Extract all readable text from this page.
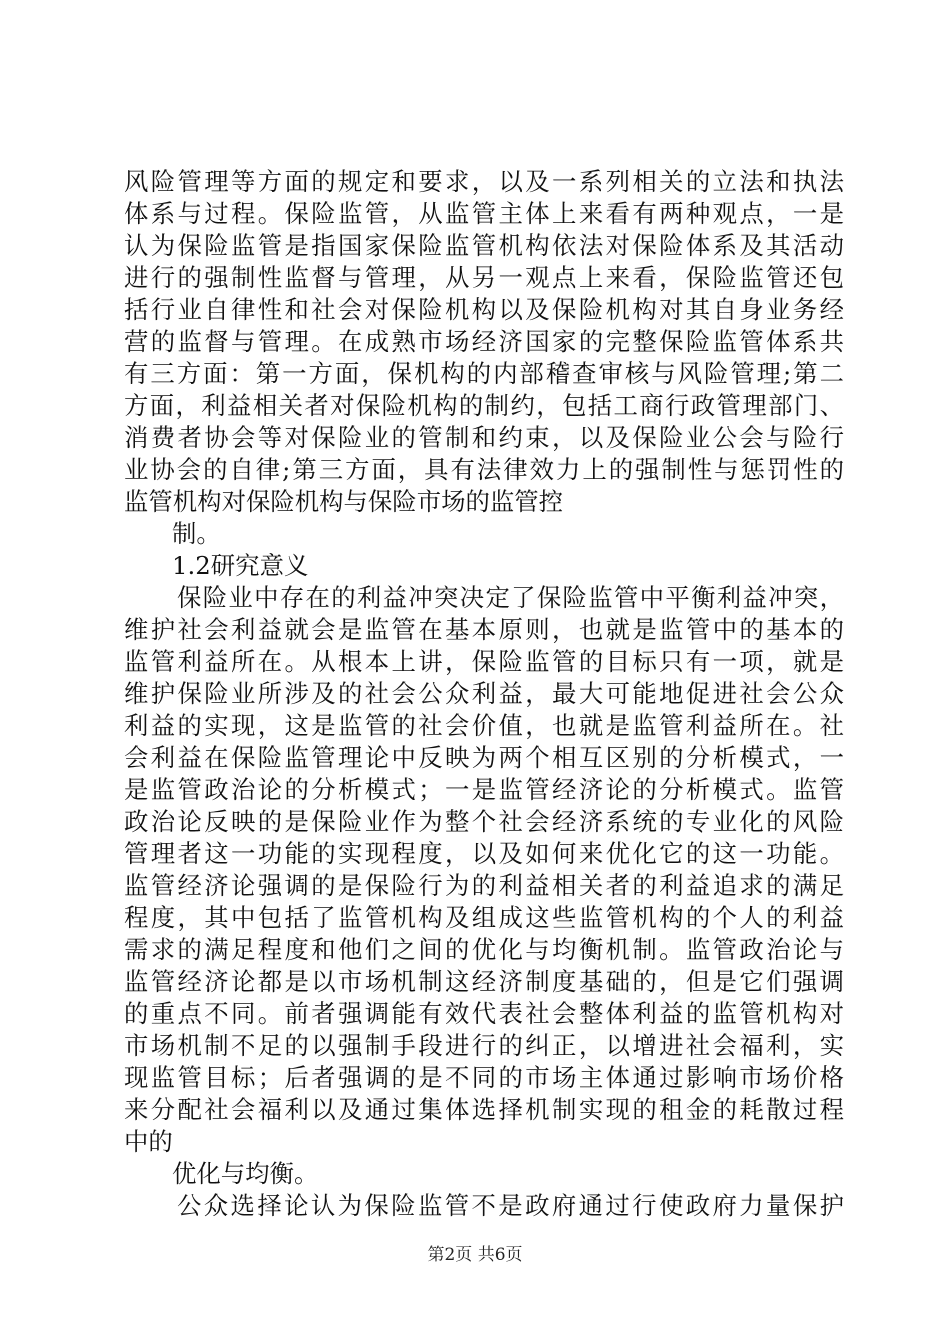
风险管理等方面的规定和要求，以及一系列相关的立法和执法
体系与过程。保险监管，从监管主体上来看有两种观点，一是
认为保险监管是指国家保险监管机构依法对保险体系及其活动
进行的强制性监督与管理，从另一观点上来看，保险监管还包
括行业自律性和社会对保险机构以及保险机构对其自身业务经
营的监督与管理。在成熟市场经济国家的完整保险监管体系共
有三方面：第一方面，保机构的内部稽查审核与风险管理;第二
方面，利益相关者对保险机构的制约，包括工商行政管理部门、
消费者协会等对保险业的管制和约束，以及保险业公会与险行
业协会的自律;第三方面，具有法律效力上的强制性与惩罚性的
监管机构对保险机构与保险市场的监管控
制。
1.2研究意义
保险业中存在的利益冲突决定了保险监管中平衡利益冲突，
维护社会利益就会是监管在基本原则，也就是监管中的基本的
监管利益所在。从根本上讲，保险监管的目标只有一项，就是
维护保险业所涉及的社会公众利益，最大可能地促进社会公众
利益的实现，这是监管的社会价值，也就是监管利益所在。社
会利益在保险监管理论中反映为两个相互区别的分析模式，一
是监管政治论的分析模式；一是监管经济论的分析模式。监管
政治论反映的是保险业作为整个社会经济系统的专业化的风险
管理者这一功能的实现程度，以及如何来优化它的这一功能。
监管经济论强调的是保险行为的利益相关者的利益追求的满足
程度，其中包括了监管机构及组成这些监管机构的个人的利益
需求的满足程度和他们之间的优化与均衡机制。监管政治论与
监管经济论都是以市场机制这经济制度基础的，但是它们强调
的重点不同。前者强调能有效代表社会整体利益的监管机构对
市场机制不足的以强制手段进行的纠正，以增进社会福利，实
现监管目标；后者强调的是不同的市场主体通过影响市场价格
来分配社会福利以及通过集体选择机制实现的租金的耗散过程
中的
优化与均衡。
公众选择论认为保险监管不是政府通过行使政府力量保护
第2页 共6页
